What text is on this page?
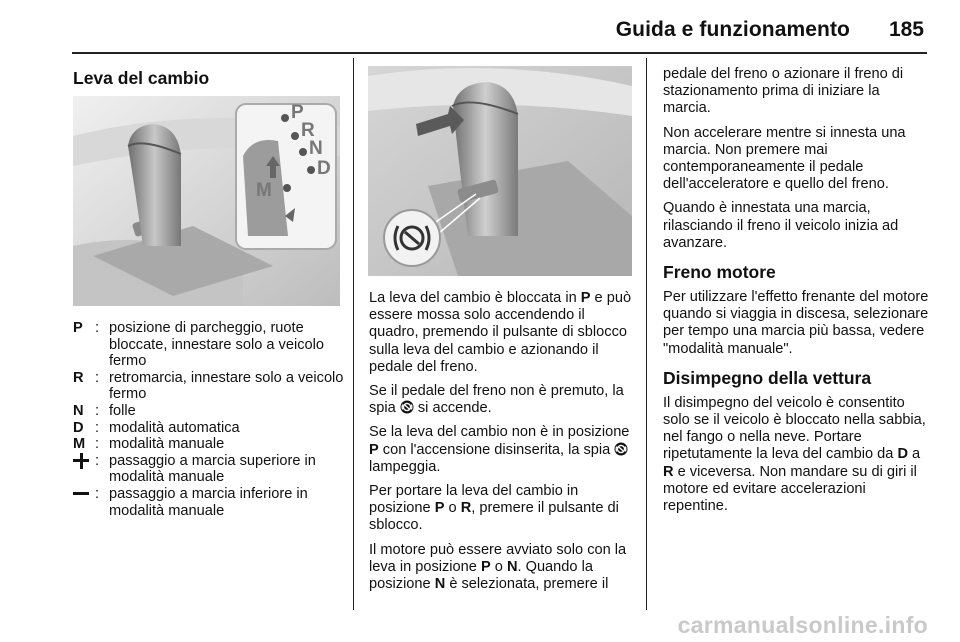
Guida e funzionamento	185
Leva del cambio
P
R
N
D
M
P : posizione di parcheggio, ruote bloccate, innestare solo a veicolo fermo
R : retromarcia, innestare solo a veicolo fermo
N : folle
D : modalità automatica
M : modalità manuale
: passaggio a marcia superiore in modalità manuale
: passaggio a marcia inferiore in modalità manuale

La leva del cambio è bloccata in P e può essere mossa solo accendendo il quadro, premendo il pulsante di sblocco sulla leva del cambio e azionando il pedale del freno.

Se il pedale del freno non è premuto, la spia  si accende.

Se la leva del cambio non è in posizione P con l'accensione disinserita, la spia  lampeggia.

Per portare la leva del cambio in posizione P o R, premere il pulsante di sblocco.

Il motore può essere avviato solo con la leva in posizione P o N. Quando la posizione N è selezionata, premere il

pedale del freno o azionare il freno di stazionamento prima di iniziare la marcia.

Non accelerare mentre si innesta una marcia. Non premere mai contemporaneamente il pedale dell'acceleratore e quello del freno.

Quando è innestata una marcia, rilasciando il freno il veicolo inizia ad avanzare.

Freno motore

Per utilizzare l'effetto frenante del motore quando si viaggia in discesa, selezionare per tempo una marcia più bassa, vedere "modalità manuale".

Disimpegno della vettura

Il disimpegno del veicolo è consentito solo se il veicolo è bloccato nella sabbia, nel fango o nella neve. Portare ripetutamente la leva del cambio da D a R e viceversa. Non mandare su di giri il motore ed evitare accelerazioni repentine.

carmanualsonline.info
